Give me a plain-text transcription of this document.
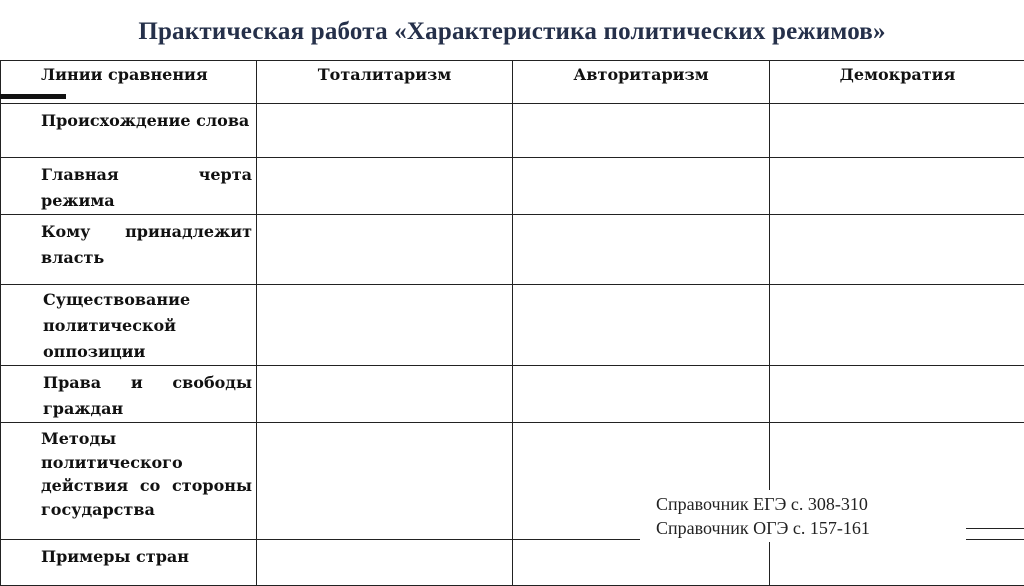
Практическая работа «Характеристика политических режимов»
Линии сравнения	Тоталитаризм	Авторитаризм	Демократия

Происхождение слова			
Главная черта режима			
Кому принадлежит власть			
Существование политической оппозиции			
Права и свободы граждан			
Методы политического действия со стороны государства			
Примеры стран			
Справочник ЕГЭ с. 308-310
Справочник ОГЭ с. 157-161
